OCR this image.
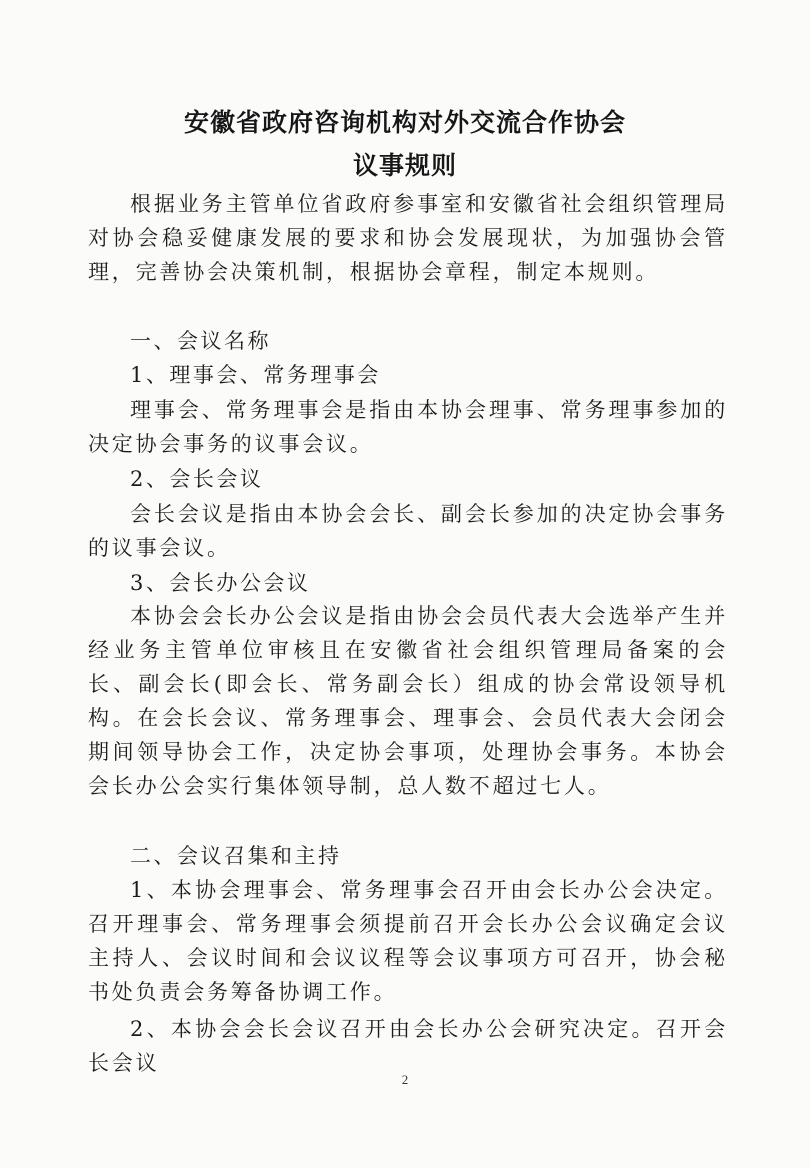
安徽省政府咨询机构对外交流合作协会
议事规则

根据业务主管单位省政府参事室和安徽省社会组织管理局对协会稳妥健康发展的要求和协会发展现状，为加强协会管理，完善协会决策机制，根据协会章程，制定本规则。

一、会议名称

1、理事会、常务理事会

理事会、常务理事会是指由本协会理事、常务理事参加的决定协会事务的议事会议。

2、会长会议

会长会议是指由本协会会长、副会长参加的决定协会事务的议事会议。

3、会长办公会议

本协会会长办公会议是指由协会会员代表大会选举产生并经业务主管单位审核且在安徽省社会组织管理局备案的会长、副会长(即会长、常务副会长）组成的协会常设领导机构。在会长会议、常务理事会、理事会、会员代表大会闭会期间领导协会工作，决定协会事项，处理协会事务。本协会会长办公会实行集体领导制，总人数不超过七人。

二、会议召集和主持

1、本协会理事会、常务理事会召开由会长办公会决定。召开理事会、常务理事会须提前召开会长办公会议确定会议主持人、会议时间和会议议程等会议事项方可召开，协会秘书处负责会务筹备协调工作。

2、本协会会长会议召开由会长办公会研究决定。召开会长会议

2
